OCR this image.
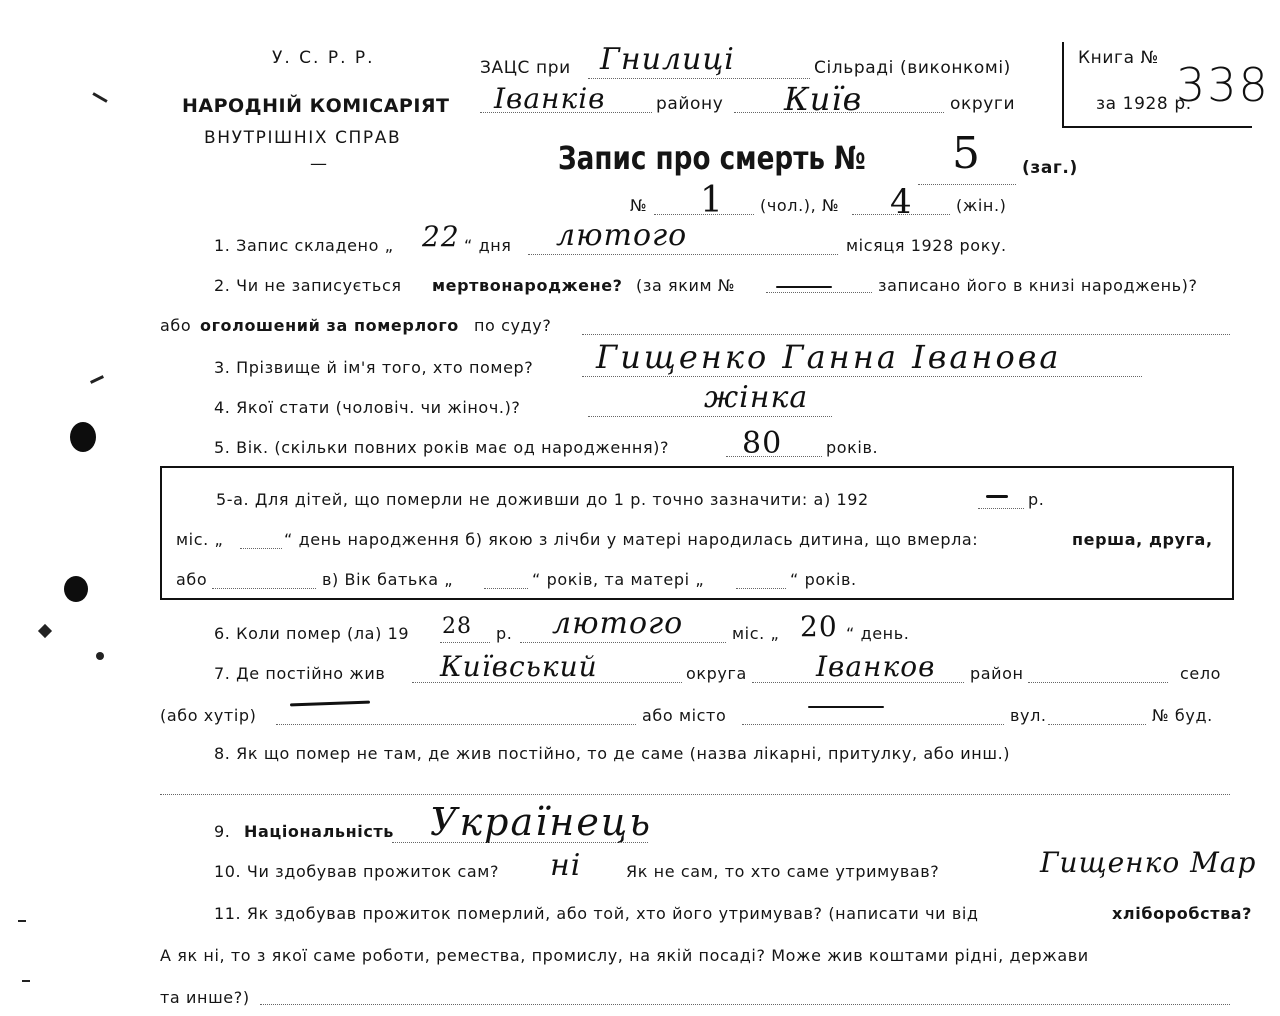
У. С. Р. Р.
НАРОДНІЙ КОМІСАРІЯТ
ВНУТРІШНІХ СПРАВ
—
ЗАЦС при Гнилиці	Сільраді (виконкомі)
Іванків	району Київ	округи
Книга №
за 1928 р.
338
Запис про смерть № 5 (заг.)
№ 1 (чол.), № 4	(жін.)
1. Запис складено „ 22 “ дня лютого	місяця 1928 року.
2. Чи не записується мертвонароджене? (за яким №	записано його в книзі народжень)?
або оголошений за померлого по суду?
3. Прізвище й ім'я того, хто помер? Гищенко Ганна Іванова
4. Якої стати (чоловіч. чи жіноч.)?	жінка
5. Вік. (скільки повних років має од народження)? 80	років.
5-а. Для дітей, що померли не доживши до 1 р. точно зазначити: а) 192	р.
міс. „	“ день народження б) якою з лічби у матері народилась дитина, що вмерла:	перша, друга,
або	в) Вік батька „	“ років, та матері „	“ років.
6. Коли помер (ла) 19 28 р. лютого	міс. „ 20 “ день.
7. Де постійно жив Київський	округа Іванков район	село
(або хутір)	або місто	вул.	№ буд.
8. Як що помер не там, де жив постійно, то де саме (назва лікарні, притулку, або инш.)
9. Національність Українець
10. Чи здобував прожиток сам? ні	Як не сам, то хто саме утримував?	Гищенко Мар
11. Як здобував прожиток померлий, або той, хто його утримував? (написати чи від	хліборобства?
А як ні, то з якої саме роботи, ремества, промислу, на якій посаді? Може жив коштами рідні, держави
та инше?)
